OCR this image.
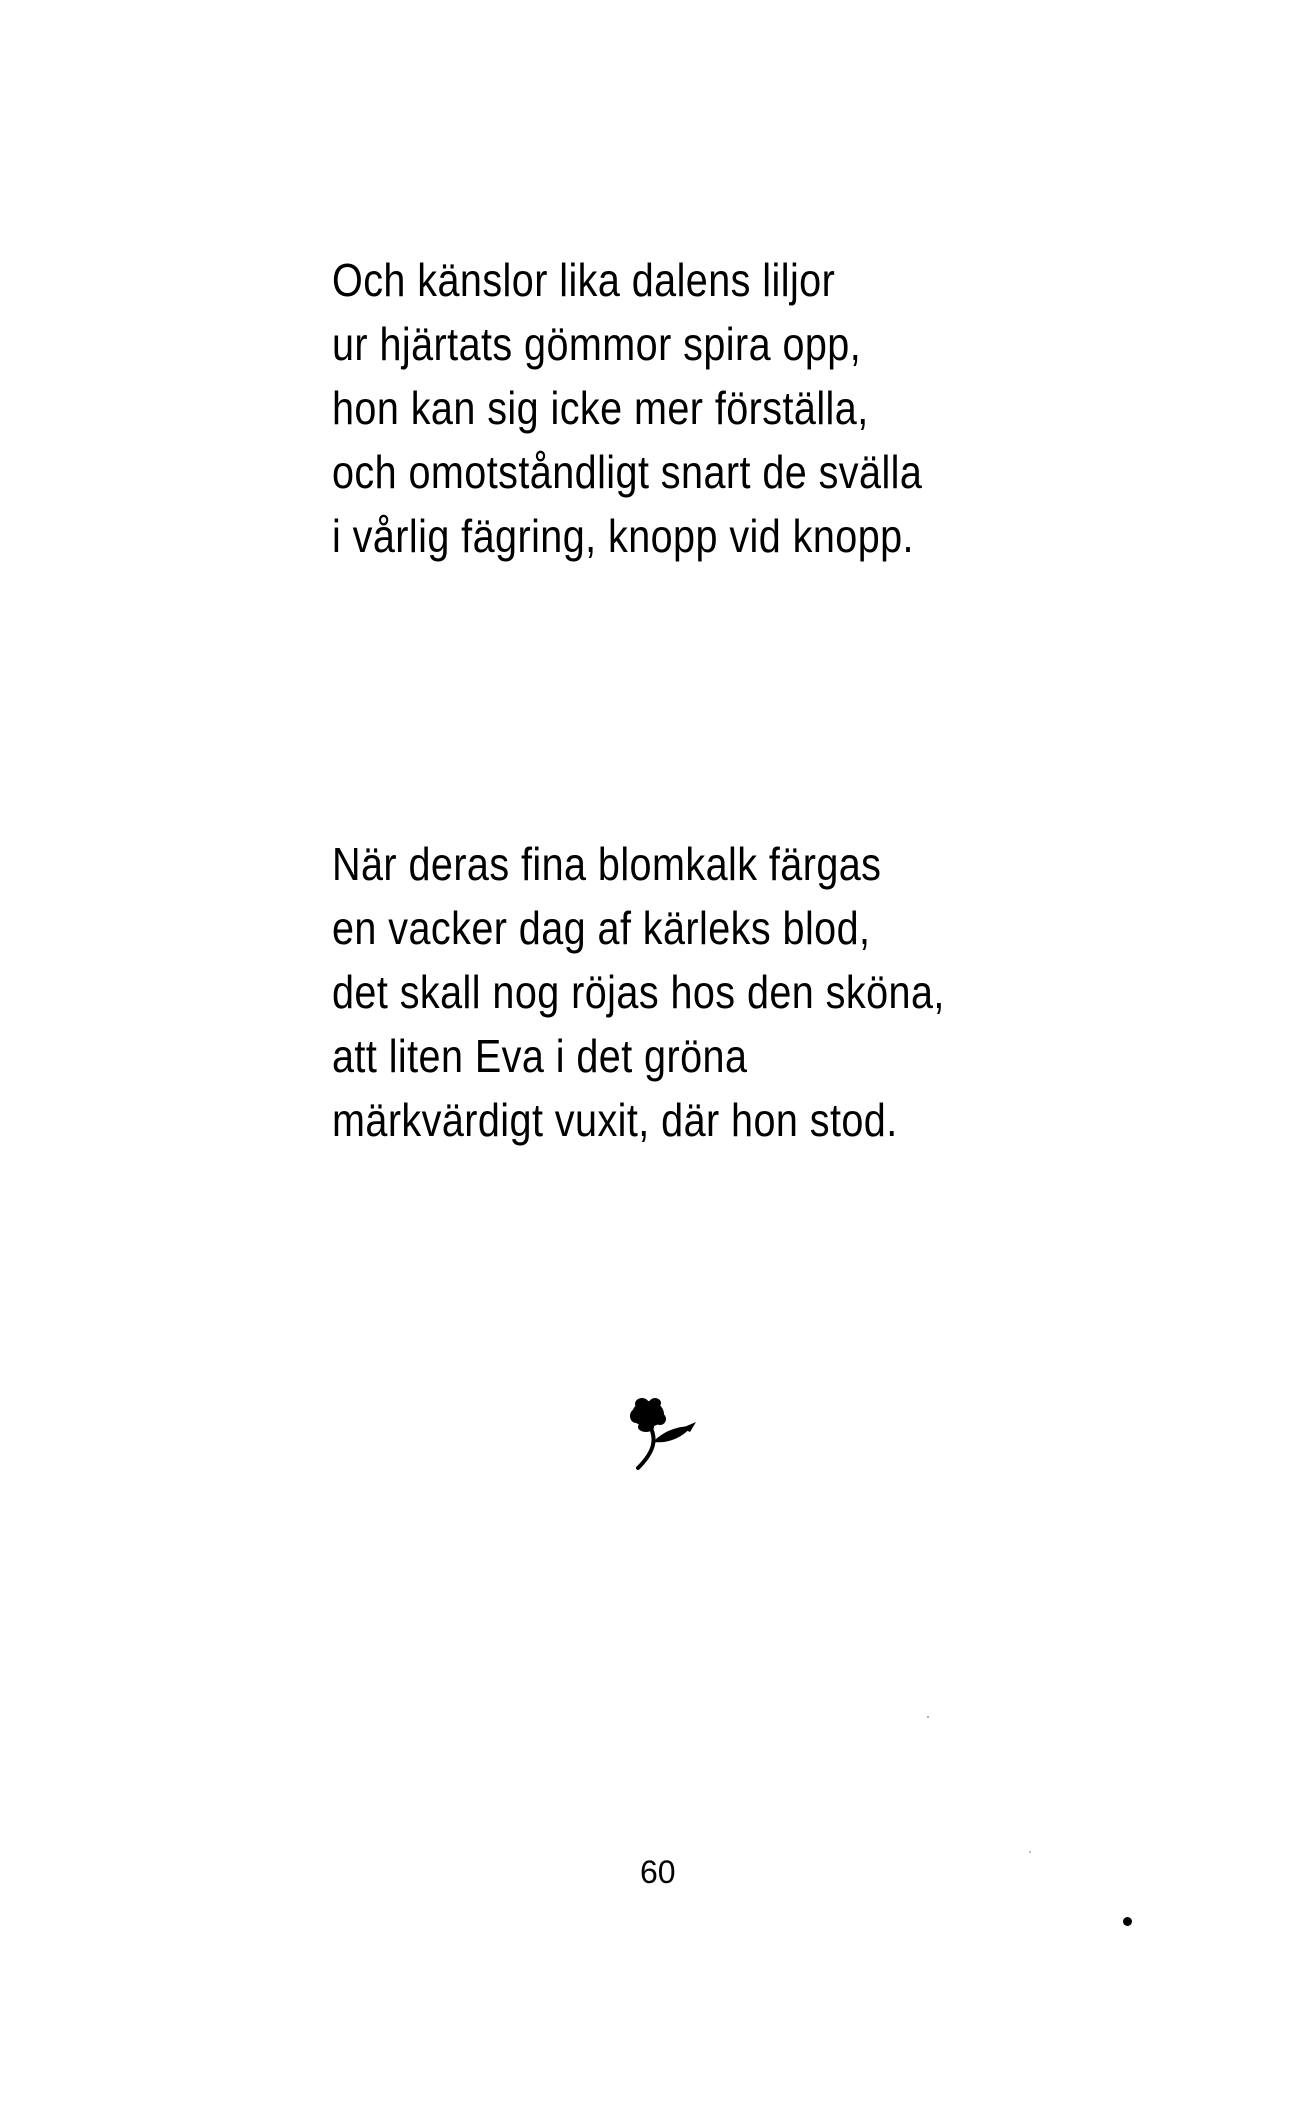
Och känslor lika dalens liljor
ur hjärtats gömmor spira opp,
hon kan sig icke mer förställa,
och omotståndligt snart de svälla
i vårlig fägring, knopp vid knopp.
När deras fina blomkalk färgas
en vacker dag af kärleks blod,
det skall nog röjas hos den sköna,
att liten Eva i det gröna
märkvärdigt vuxit, där hon stod.
60
